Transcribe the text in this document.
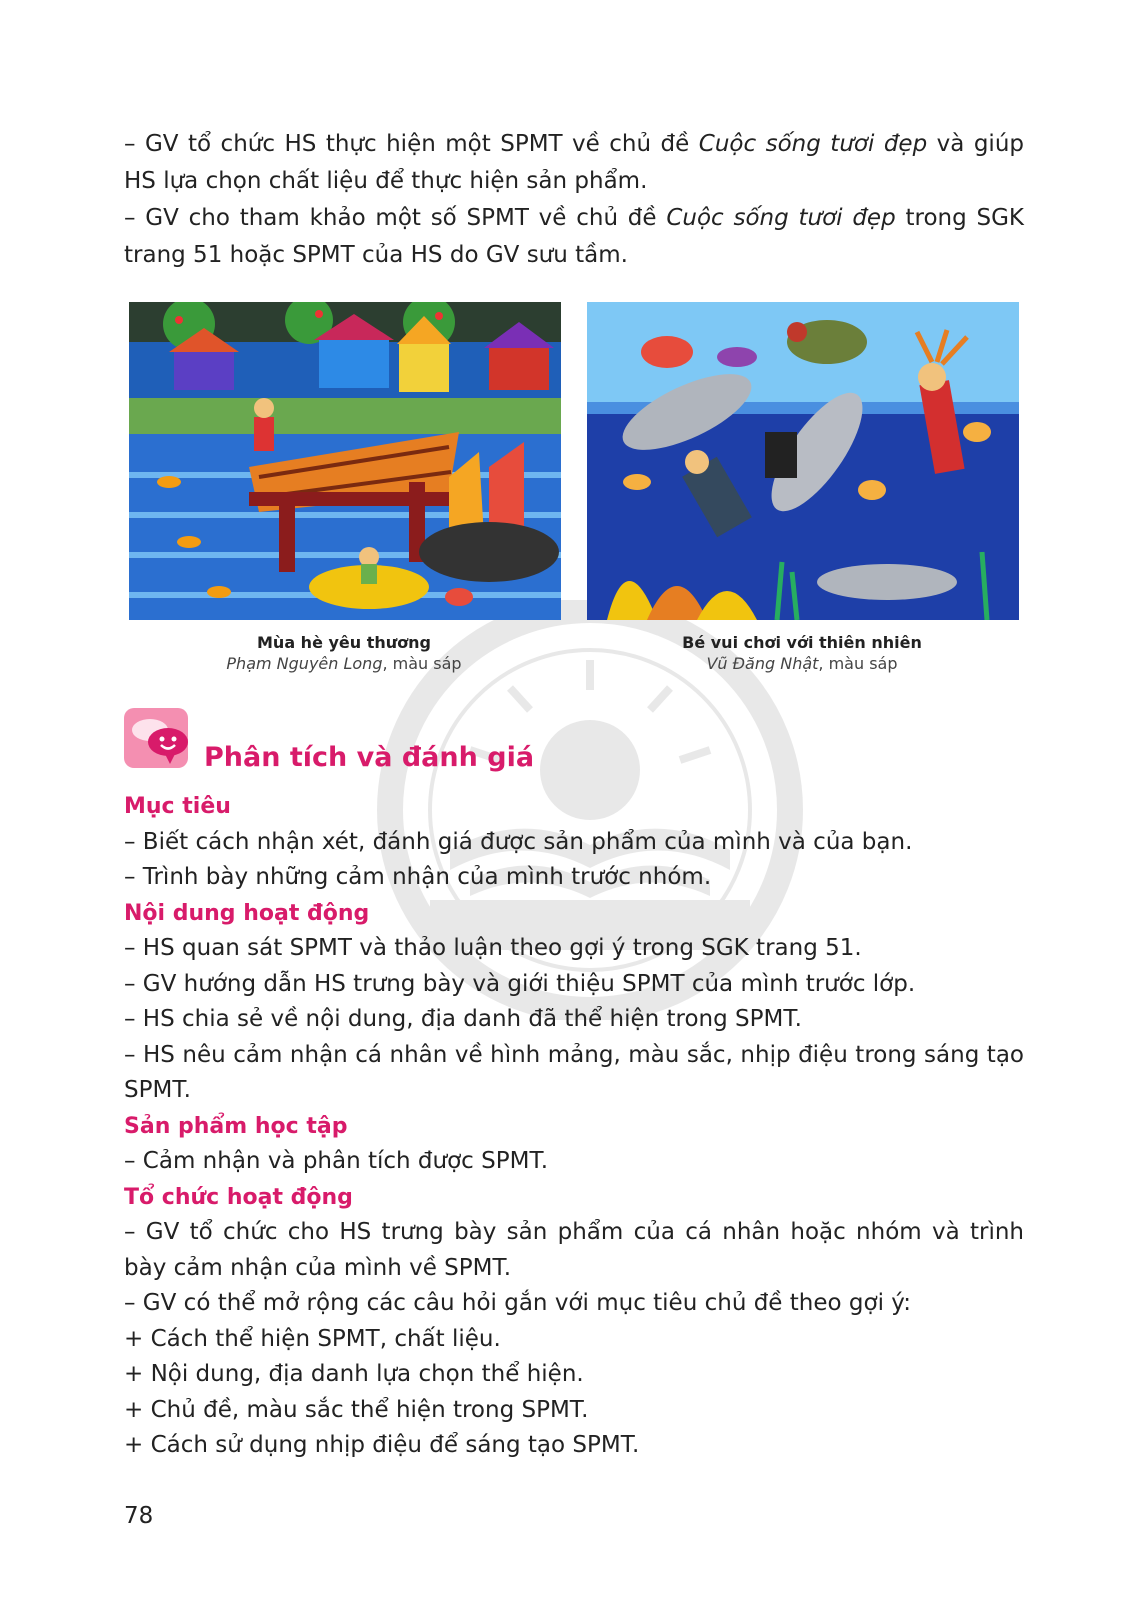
– GV tổ chức HS thực hiện một SPMT về chủ đề Cuộc sống tươi đẹp và giúp HS lựa chọn chất liệu để thực hiện sản phẩm.

– GV cho tham khảo một số SPMT về chủ đề Cuộc sống tươi đẹp trong SGK trang 51 hoặc SPMT của HS do GV sưu tầm.

Mùa hè yêu thương
Phạm Nguyên Long, màu sáp
Bé vui chơi với thiên nhiên
Vũ Đăng Nhật, màu sáp
Phân tích và đánh giá

Mục tiêu

– Biết cách nhận xét, đánh giá được sản phẩm của mình và của bạn.

– Trình bày những cảm nhận của mình trước nhóm.

Nội dung hoạt động

– HS quan sát SPMT và thảo luận theo gợi ý trong SGK trang 51.

– GV hướng dẫn HS trưng bày và giới thiệu SPMT của mình trước lớp.

– HS chia sẻ về nội dung, địa danh đã thể hiện trong SPMT.

– HS nêu cảm nhận cá nhân về hình mảng, màu sắc, nhịp điệu trong sáng tạo SPMT.

Sản phẩm học tập

– Cảm nhận và phân tích được SPMT.

Tổ chức hoạt động

– GV tổ chức cho HS trưng bày sản phẩm của cá nhân hoặc nhóm và trình bày cảm nhận của mình về SPMT.

– GV có thể mở rộng các câu hỏi gắn với mục tiêu chủ đề theo gợi ý:

+ Cách thể hiện SPMT, chất liệu.

+ Nội dung, địa danh lựa chọn thể hiện.

+ Chủ đề, màu sắc thể hiện trong SPMT.

+ Cách sử dụng nhịp điệu để sáng tạo SPMT.

78
